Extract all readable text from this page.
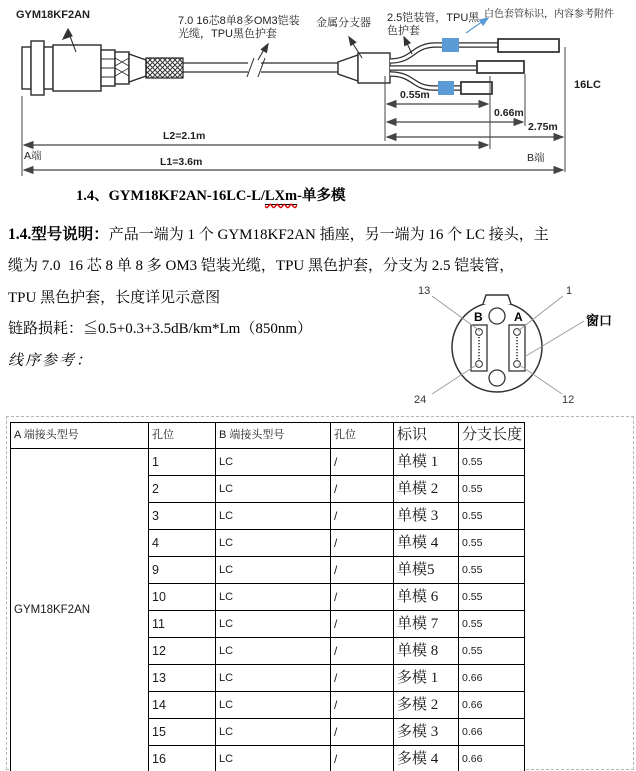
GYM18KF2AN	7.0 16芯8单8多OM3铠装
光缆，TPU黑色护套
金属分支器 2.5铠装管，TPU黑
色护套
白色套管标识，内容参考附件
16LC
0.55m
0.66m
2.75m
L2=2.1m
L1=3.6m
A端	B端
1.4、GYM18KF2AN-16LC-L/LXm-单多模
1.4.型号说明：产品一端为 1 个 GYM18KF2AN 插座，另一端为 16 个 LC 接头，主
缆为 7.0  16 芯 8 单 8 多 OM3 铠装光缆，TPU 黑色护套，分支为 2.5 铠装管，
TPU 黑色护套，长度详见示意图
链路损耗：≦0.5+0.3+3.5dB/km*Lm（850nm）
线序参考：
13	1
24	12
B	A	窗口
A 端接头型号	孔位	B 端接头型号	孔位	标识	分支长度
GYM18KF2AN	1	LC	/	单模 1	0.55
	2	LC	/	单模 2	0.55
	3	LC	/	单模 3	0.55
	4	LC	/	单模 4	0.55
	9	LC	/	单模5	0.55
	10	LC	/	单模 6	0.55
	11	LC	/	单模 7	0.55
	12	LC	/	单模 8	0.55
	13	LC	/	多模 1	0.66
	14	LC	/	多模 2	0.66
	15	LC	/	多模 3	0.66
	16	LC	/	多模 4	0.66
